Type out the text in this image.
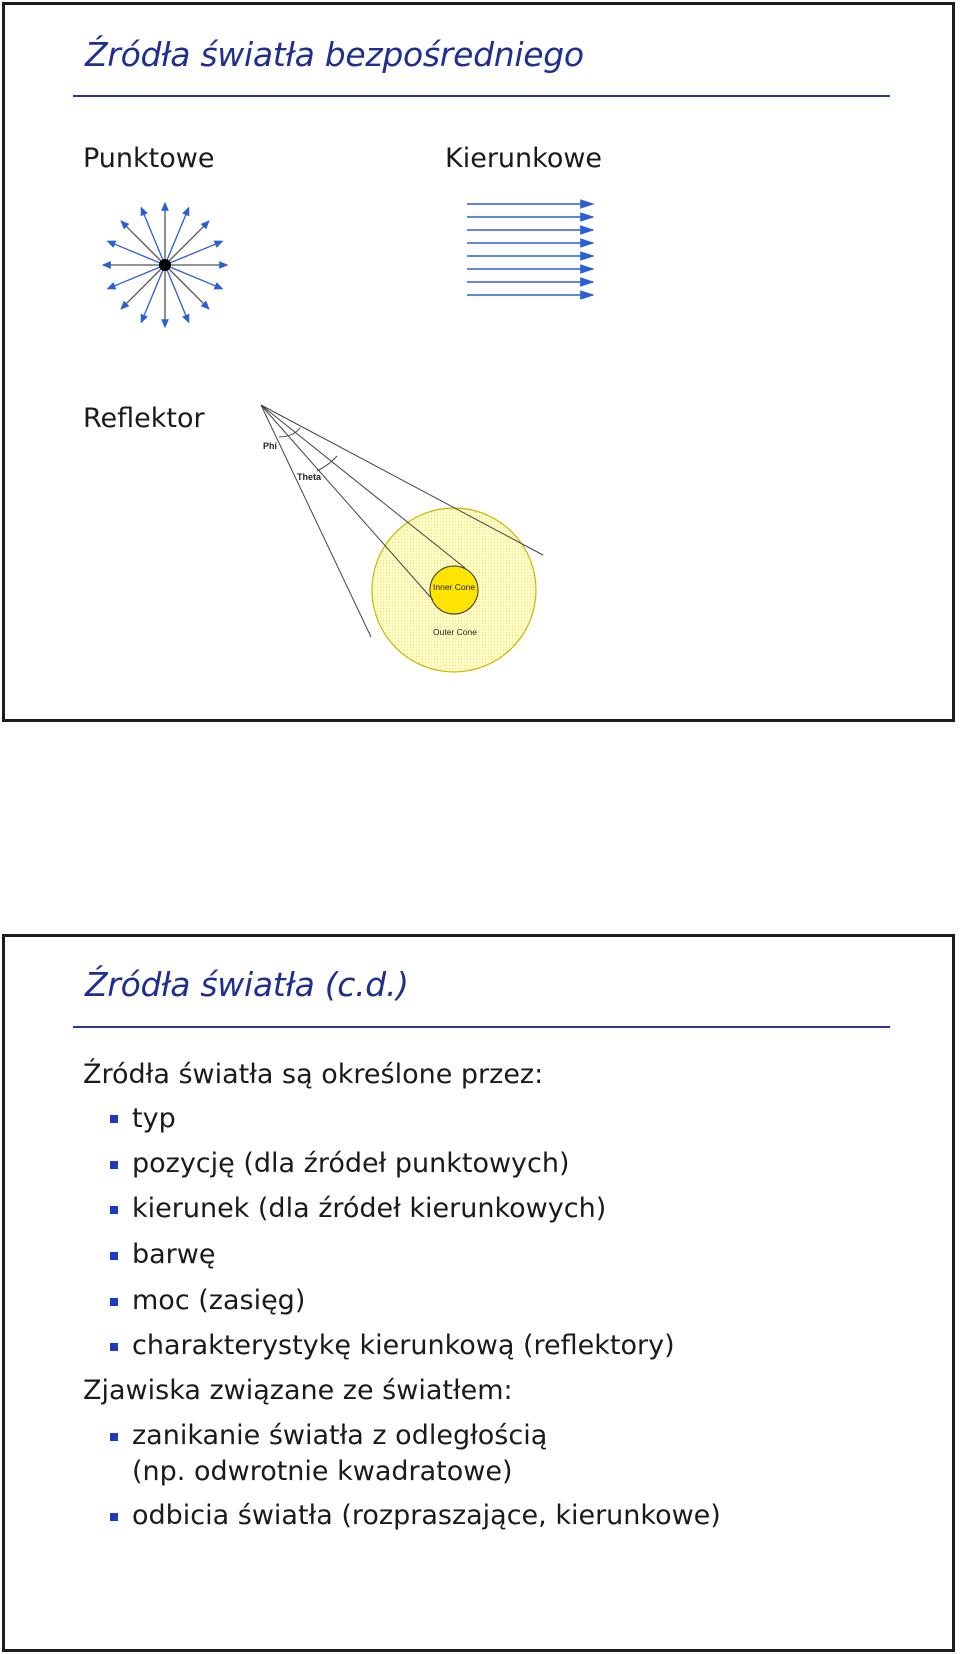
Źródła światła bezpośredniego
Punktowe	Kierunkowe
Reflektor
Phi
Theta
Inner Cone
Outer Cone
Źródła światła (c.d.)
Źródła światła są określone przez:
typ
pozycję (dla źródeł punktowych)
kierunek (dla źródeł kierunkowych)
barwę
moc (zasięg)
charakterystykę kierunkową (reflektory)
Zjawiska związane ze światłem:
zanikanie światła z odległością
(np. odwrotnie kwadratowe)
odbicia światła (rozpraszające, kierunkowe)
